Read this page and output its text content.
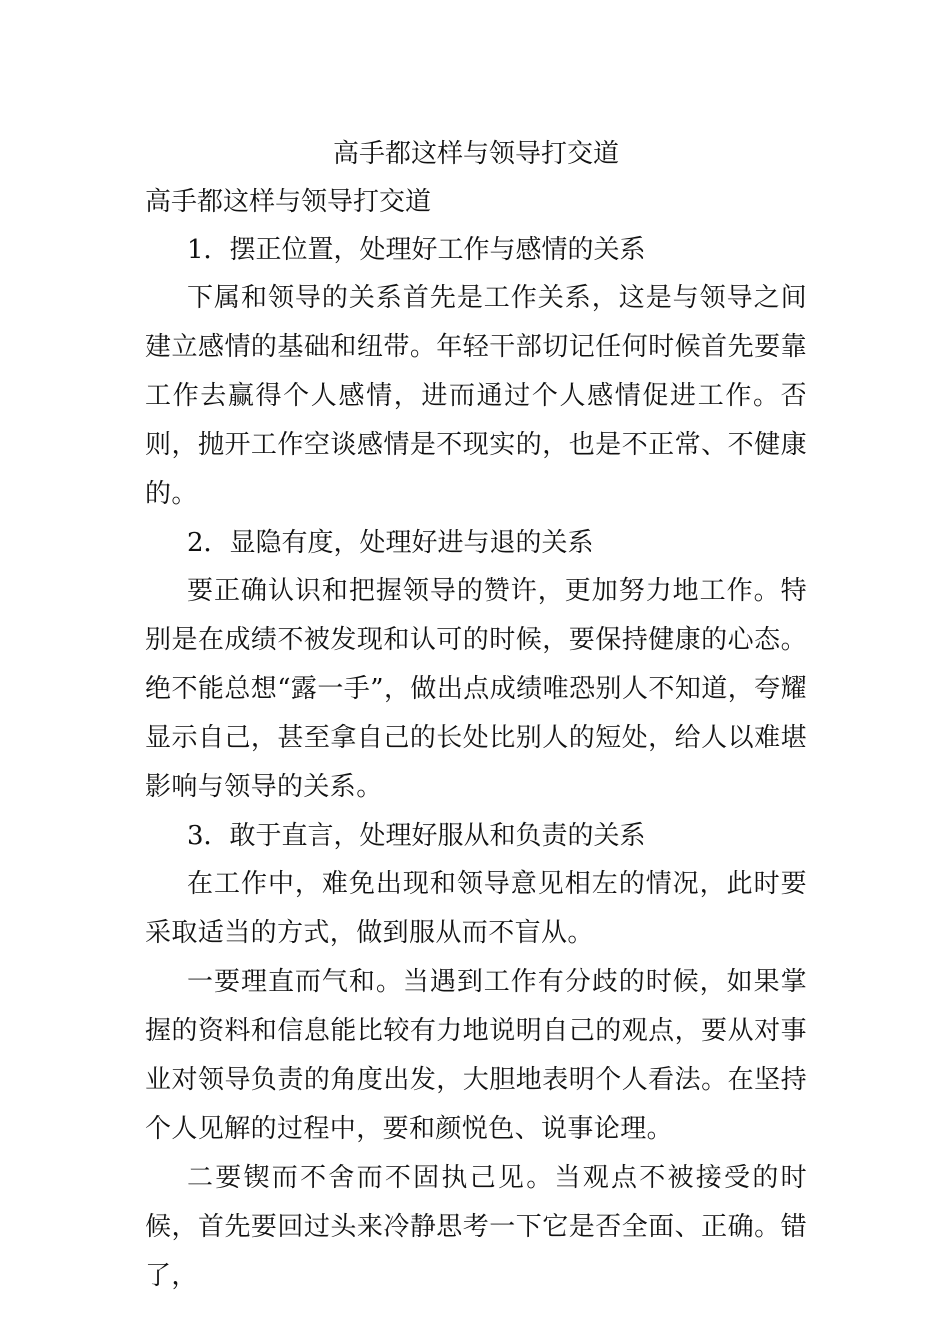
高手都这样与领导打交道
高手都这样与领导打交道
1．摆正位置，处理好工作与感情的关系

下属和领导的关系首先是工作关系，这是与领导之间建立感情的基础和纽带。年轻干部切记任何时候首先要靠工作去赢得个人感情，进而通过个人感情促进工作。否则，抛开工作空谈感情是不现实的，也是不正常、不健康的。

2．显隐有度，处理好进与退的关系

要正确认识和把握领导的赞许，更加努力地工作。特别是在成绩不被发现和认可的时候，要保持健康的心态。绝不能总想“露一手”，做出点成绩唯恐别人不知道，夸耀显示自己，甚至拿自己的长处比别人的短处，给人以难堪影响与领导的关系。

3．敢于直言，处理好服从和负责的关系

在工作中，难免出现和领导意见相左的情况，此时要采取适当的方式，做到服从而不盲从。

一要理直而气和。当遇到工作有分歧的时候，如果掌握的资料和信息能比较有力地说明自己的观点，要从对事业对领导负责的角度出发，大胆地表明个人看法。在坚持个人见解的过程中，要和颜悦色、说事论理。

二要锲而不舍而不固执己见。当观点不被接受的时候，首先要回过头来冷静思考一下它是否全面、正确。错了，
